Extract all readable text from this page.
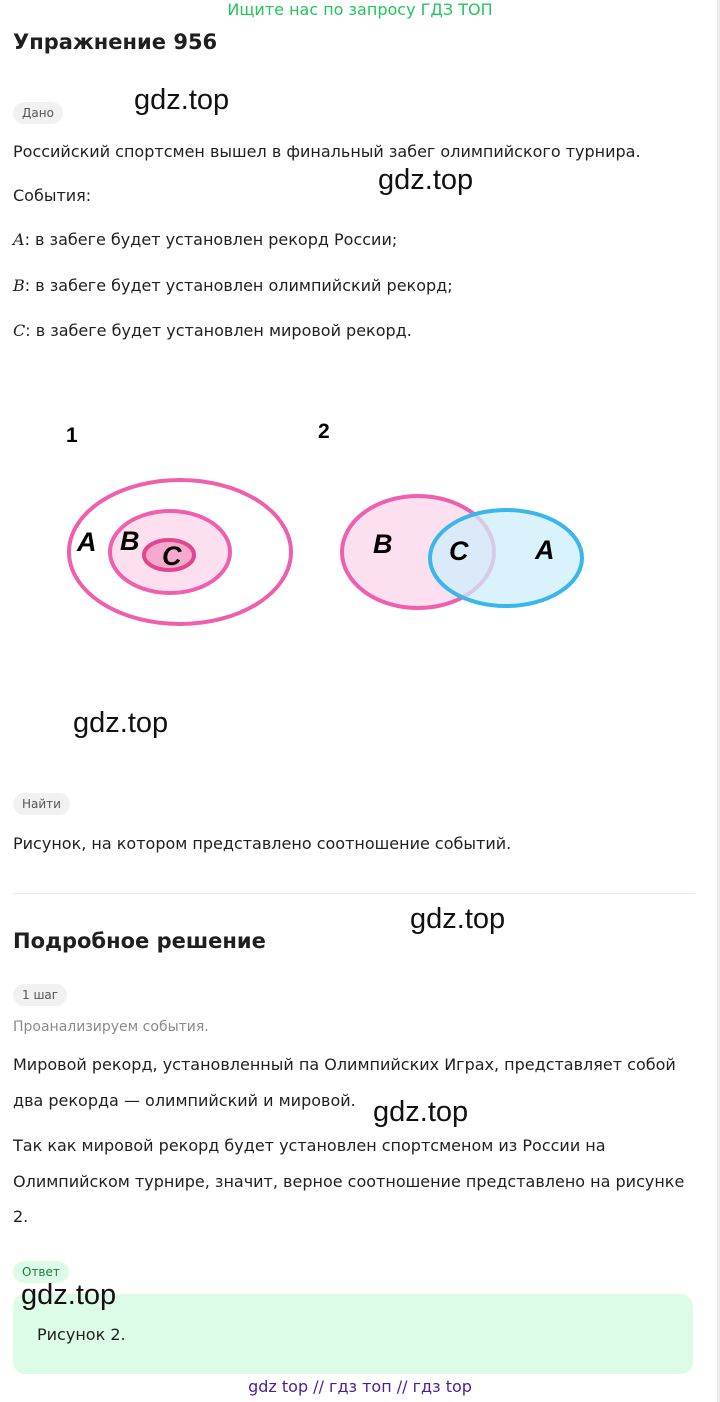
Ищите нас по запросу ГДЗ ТОП
Упражнение 956
Дано	gdz.top
Российский спортсмен вышел в финальный забег олимпийского турнира.
gdz.top
События:
A: в забеге будет установлен рекорд России;
B: в забеге будет установлен олимпийский рекорд;
C: в забеге будет установлен мировой рекорд.
1	2
A B C	B C A
gdz.top
Найти
Рисунок, на котором представлено соотношение событий.
gdz.top
Подробное решение
1 шаг
Проанализируем события.
Мировой рекорд, установленный па Олимпийских Играх, представляет собой
два рекорда — олимпийский и мировой. gdz.top
Так как мировой рекорд будет установлен спортсменом из России на
Олимпийском турнире, значит, верное соотношение представлено на рисунке
2.
Ответ
Рисунок 2.
gdz.top
gdz top // гдз топ // гдз top
